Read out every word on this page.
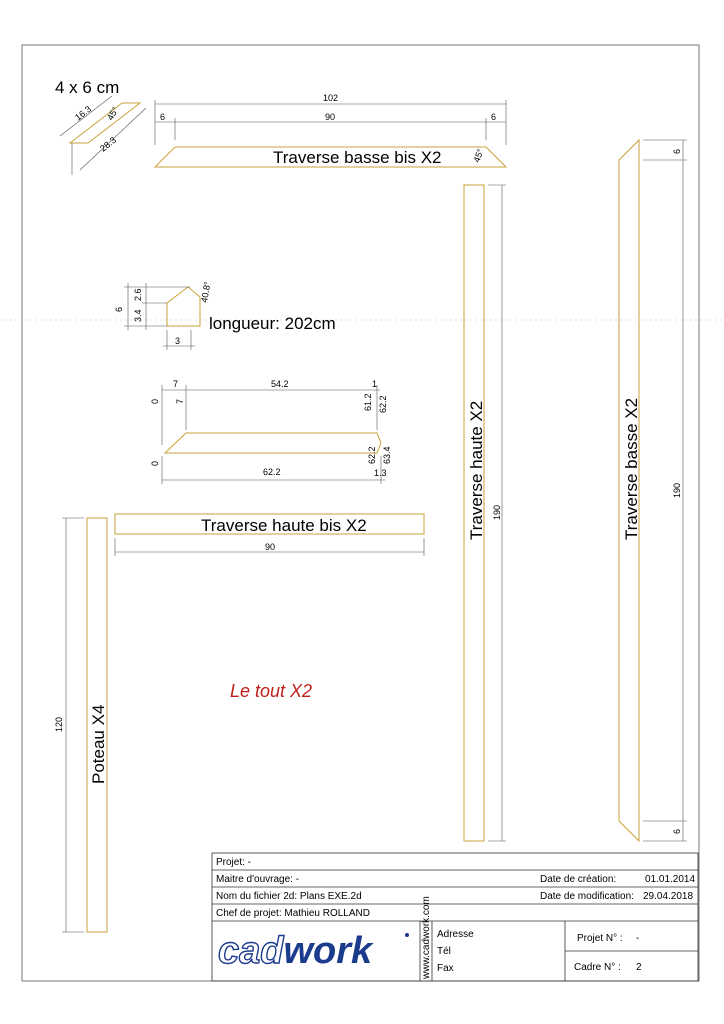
4 x 6 cm
16.3 45°
28.3
102
6	90	6
Traverse basse bis X2	45°
6
2.6
3.4
40.8°
3
longueur: 202cm
7	54.2	1
0 7	61.2 62.2
0
62.2
62.2 63.4
1.3
Traverse haute bis X2
90
Traverse haute X2 190	Traverse basse X2	190
6
6
Poteau X4
120
Le tout X2
Projet: -
Maitre d'ouvrage: -
Nom du fichier 2d: Plans EXE.2d
Chef de projet: Mathieu ROLLAND
Date de création:	01.01.2014
Date de modification: 29.04.2018
cadwork	www.cadwork.com Adresse
Tél
Fax
Projet N° : -
Cadre N° : 2
